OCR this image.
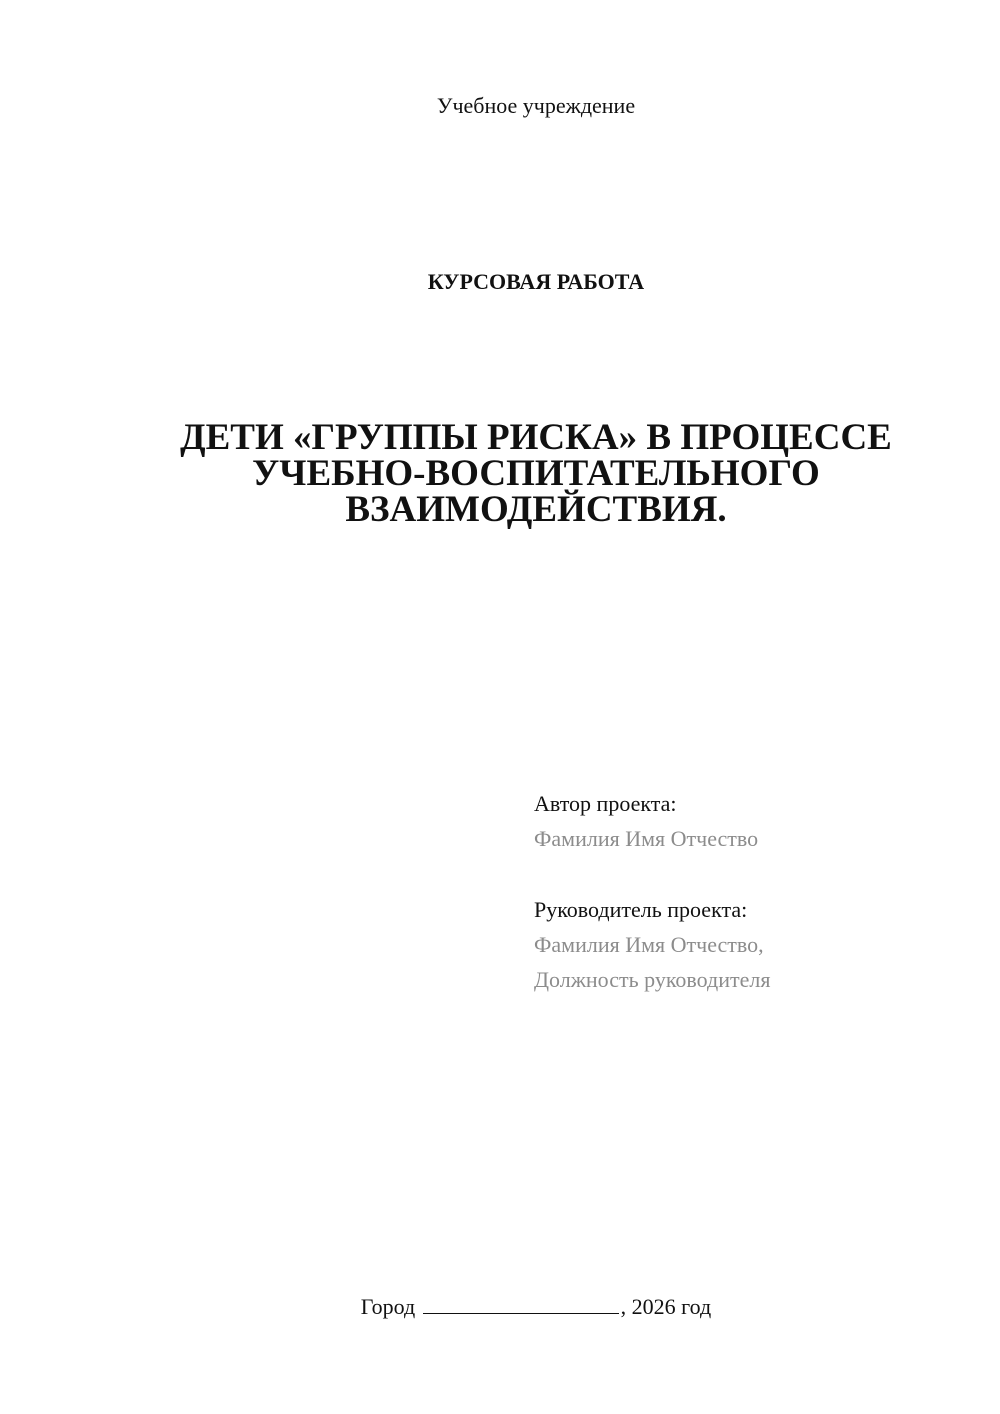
Учебное учреждение
КУРСОВАЯ РАБОТА
ДЕТИ «ГРУППЫ РИСКА» В ПРОЦЕССЕ
УЧЕБНО-ВОСПИТАТЕЛЬНОГО
ВЗАИМОДЕЙСТВИЯ.
Автор проекта:
Фамилия Имя Отчество
Руководитель проекта:
Фамилия Имя Отчество,
Должность руководителя
Город	, 2026 год
